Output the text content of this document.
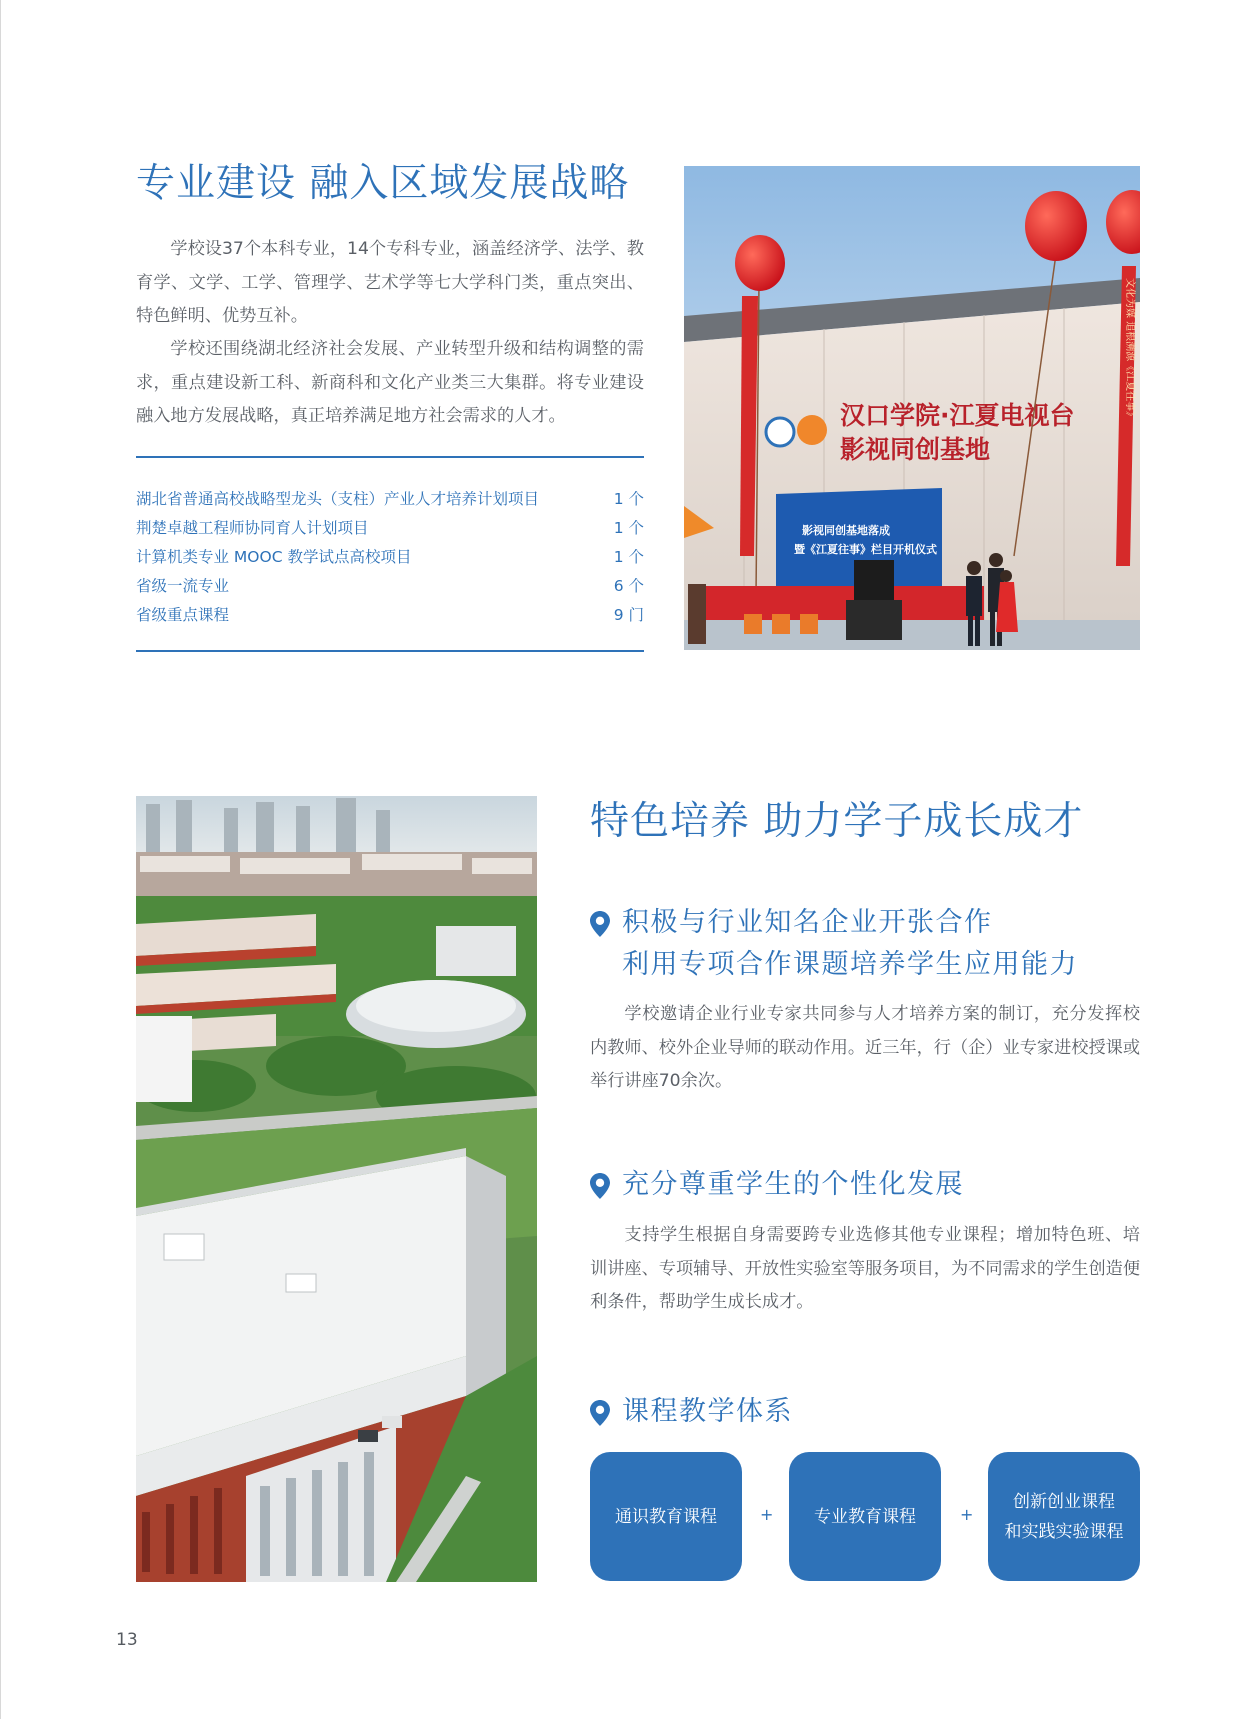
专业建设 融入区域发展战略

学校设37个本科专业，14个专科专业，涵盖经济学、法学、教育学、文学、工学、管理学、艺术学等七大学科门类，重点突出、特色鲜明、优势互补。

学校还围绕湖北经济社会发展、产业转型升级和结构调整的需求，重点建设新工科、新商科和文化产业类三大集群。将专业建设融入地方发展战略，真正培养满足地方社会需求的人才。

湖北省普通高校战略型龙头（支柱）产业人才培养计划项目	1 个
荆楚卓越工程师协同育人计划项目	1 个
计算机类专业 MOOC 教学试点高校项目	1 个
省级一流专业	6 个
省级重点课程	9 门
汉口学院·江夏电视台
影视同创基地
文化为媒 追根溯源《江夏往事》
影视同创基地落成
暨《江夏往事》栏目开机仪式
特色培养 助力学子成长成才
积极与行业知名企业开张合作
利用专项合作课题培养学生应用能力

学校邀请企业行业专家共同参与人才培养方案的制订，充分发挥校内教师、校外企业导师的联动作用。近三年，行（企）业专家进校授课或举行讲座70余次。

充分尊重学生的个性化发展

支持学生根据自身需要跨专业选修其他专业课程；增加特色班、培训讲座、专项辅导、开放性实验室等服务项目，为不同需求的学生创造便利条件，帮助学生成长成才。

课程教学体系
通识教育课程	+ 专业教育课程	+
创新创业课程
和实践实验课程
13
